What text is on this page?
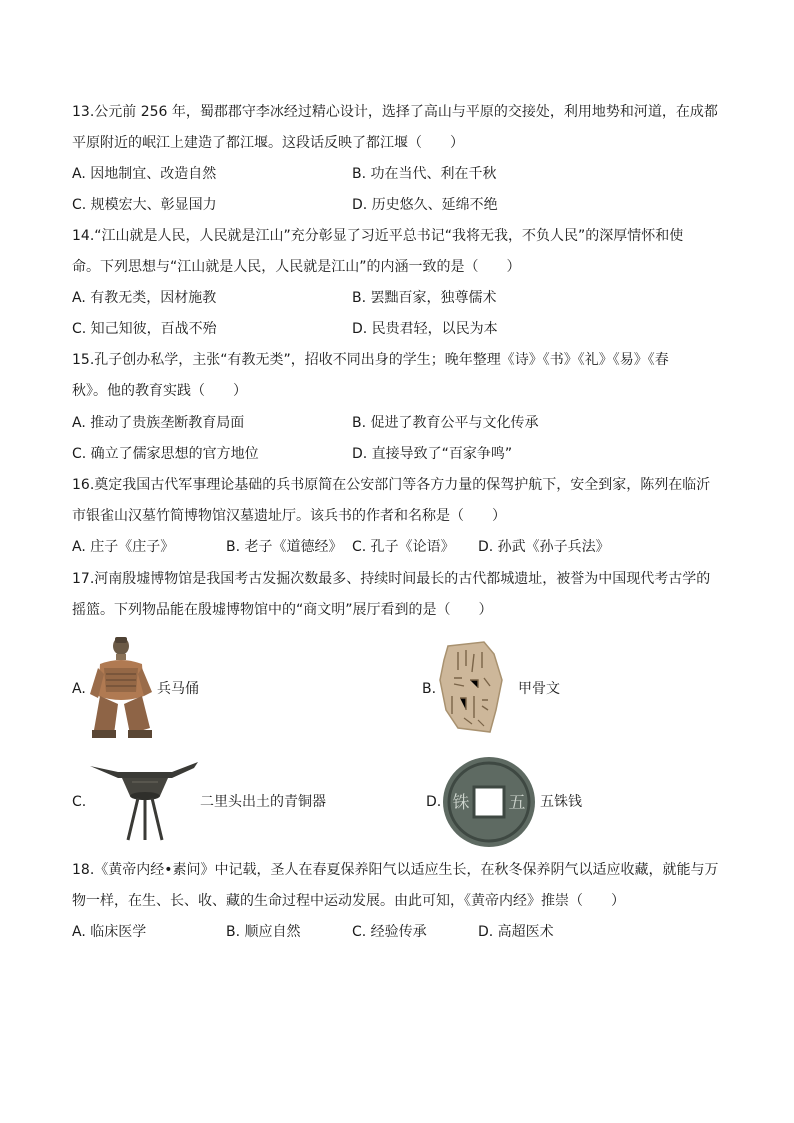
13.公元前 256 年，蜀郡郡守李冰经过精心设计，选择了高山与平原的交接处，利用地势和河道，在成都
平原附近的岷江上建造了都江堰。这段话反映了都江堰（　　）
A. 因地制宜、改造自然	B. 功在当代、利在千秋
C. 规模宏大、彰显国力	D. 历史悠久、延绵不绝
14.“江山就是人民，人民就是江山”充分彰显了习近平总书记“我将无我，不负人民”的深厚情怀和使
命。下列思想与“江山就是人民，人民就是江山”的内涵一致的是（　　）
A. 有教无类，因材施教	B. 罢黜百家，独尊儒术
C. 知己知彼，百战不殆	D. 民贵君轻，以民为本
15.孔子创办私学，主张“有教无类”，招收不同出身的学生；晚年整理《诗》《书》《礼》《易》《春
秋》。他的教育实践（　　）
A. 推动了贵族垄断教育局面	B. 促进了教育公平与文化传承
C. 确立了儒家思想的官方地位	D. 直接导致了“百家争鸣”
16.奠定我国古代军事理论基础的兵书原简在公安部门等各方力量的保驾护航下，安全到家，陈列在临沂
市银雀山汉墓竹简博物馆汉墓遗址厅。该兵书的作者和名称是（　　）
A. 庄子《庄子》	B. 老子《道德经》 C. 孔子《论语》 D. 孙武《孙子兵法》
17.河南殷墟博物馆是我国考古发掘次数最多、持续时间最长的古代都城遗址，被誉为中国现代考古学的
摇篮。下列物品能在殷墟博物馆中的“商文明”展厅看到的是（　　）
A.	兵马俑	B.	甲骨文
C.	二里头出土的青铜器	D. 铢 五 五铢钱
18.《黄帝内经•素问》中记载，圣人在春夏保养阳气以适应生长，在秋冬保养阴气以适应收藏，就能与万
物一样，在生、长、收、藏的生命过程中运动发展。由此可知，《黄帝内经》推崇（　　）
A. 临床医学	B. 顺应自然	C. 经验传承	D. 高超医术
